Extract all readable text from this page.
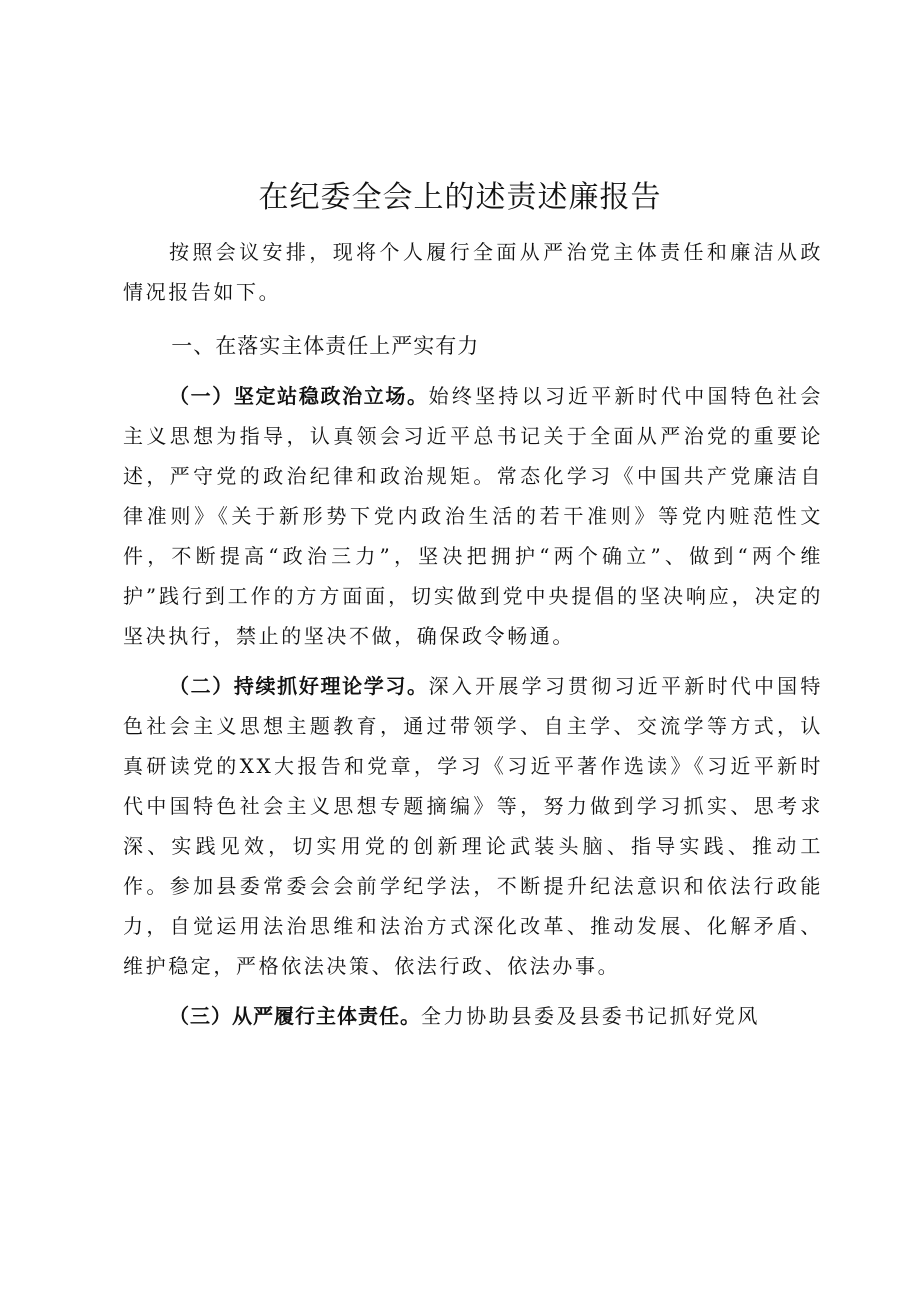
在纪委全会上的述责述廉报告

按照会议安排，现将个人履行全面从严治党主体责任和廉洁从政情况报告如下。

一、在落实主体责任上严实有力

（一）坚定站稳政治立场。始终坚持以习近平新时代中国特色社会主义思想为指导，认真领会习近平总书记关于全面从严治党的重要论述，严守党的政治纪律和政治规矩。常态化学习《中国共产党廉洁自律准则》《关于新形势下党内政治生活的若干准则》等党内赃范性文件，不断提高“政治三力”，坚决把拥护“两个确立”、做到“两个维护”践行到工作的方方面面，切实做到党中央提倡的坚决响应，决定的坚决执行，禁止的坚决不做，确保政令畅通。

（二）持续抓好理论学习。深入开展学习贯彻习近平新时代中国特色社会主义思想主题教育，通过带领学、自主学、交流学等方式，认真研读党的XX大报告和党章，学习《习近平著作选读》《习近平新时代中国特色社会主义思想专题摘编》等，努力做到学习抓实、思考求深、实践见效，切实用党的创新理论武装头脑、指导实践、推动工作。参加县委常委会会前学纪学法，不断提升纪法意识和依法行政能力，自觉运用法治思维和法治方式深化改革、推动发展、化解矛盾、维护稳定，严格依法决策、依法行政、依法办事。

（三）从严履行主体责任。全力协助县委及县委书记抓好党风
